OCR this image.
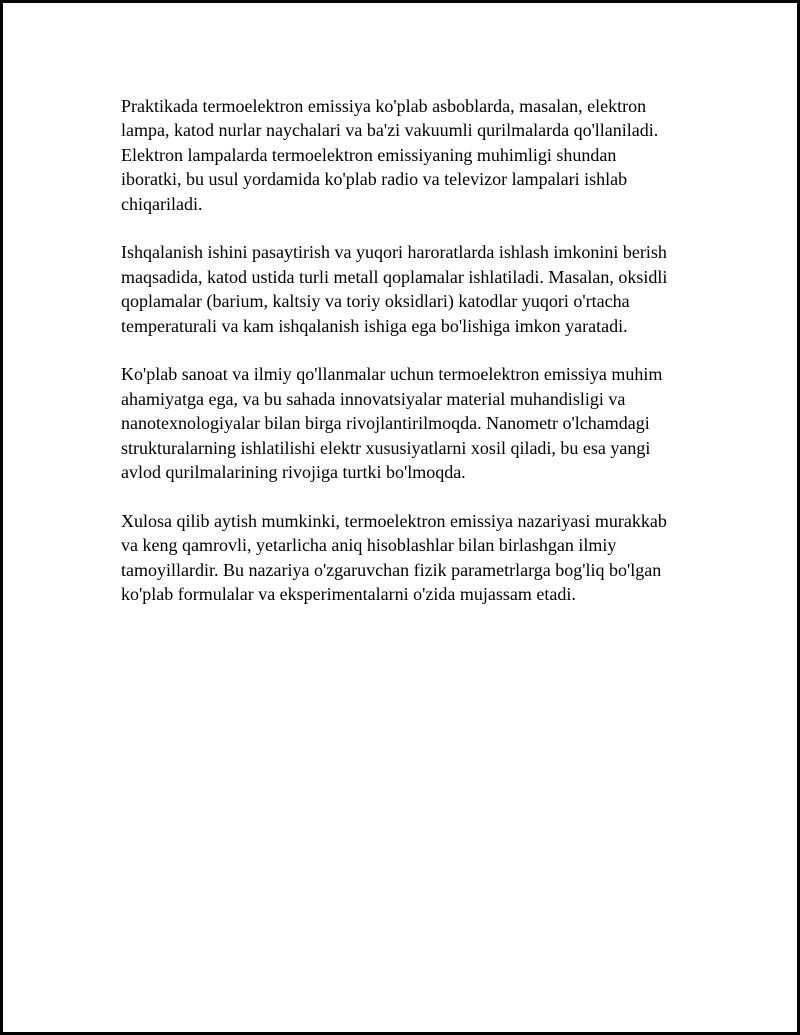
Praktikada termoelektron emissiya ko'plab asboblarda, masalan, elektron
lampa, katod nurlar naychalari va ba'zi vakuumli qurilmalarda qo'llaniladi.
Elektron lampalarda termoelektron emissiyaning muhimligi shundan
iboratki, bu usul yordamida ko'plab radio va televizor lampalari ishlab
chiqariladi.

Ishqalanish ishini pasaytirish va yuqori haroratlarda ishlash imkonini berish
maqsadida, katod ustida turli metall qoplamalar ishlatiladi. Masalan, oksidli
qoplamalar (barium, kaltsiy va toriy oksidlari) katodlar yuqori o'rtacha
temperaturali va kam ishqalanish ishiga ega bo'lishiga imkon yaratadi.

Ko'plab sanoat va ilmiy qo'llanmalar uchun termoelektron emissiya muhim
ahamiyatga ega, va bu sahada innovatsiyalar material muhandisligi va
nanotexnologiyalar bilan birga rivojlantirilmoqda. Nanometr o'lchamdagi
strukturalarning ishlatilishi elektr xususiyatlarni xosil qiladi, bu esa yangi
avlod qurilmalarining rivojiga turtki bo'lmoqda.

Xulosa qilib aytish mumkinki, termoelektron emissiya nazariyasi murakkab
va keng qamrovli, yetarlicha aniq hisoblashlar bilan birlashgan ilmiy
tamoyillardir. Bu nazariya o'zgaruvchan fizik parametrlarga bog'liq bo'lgan
ko'plab formulalar va eksperimentalarni o'zida mujassam etadi.
